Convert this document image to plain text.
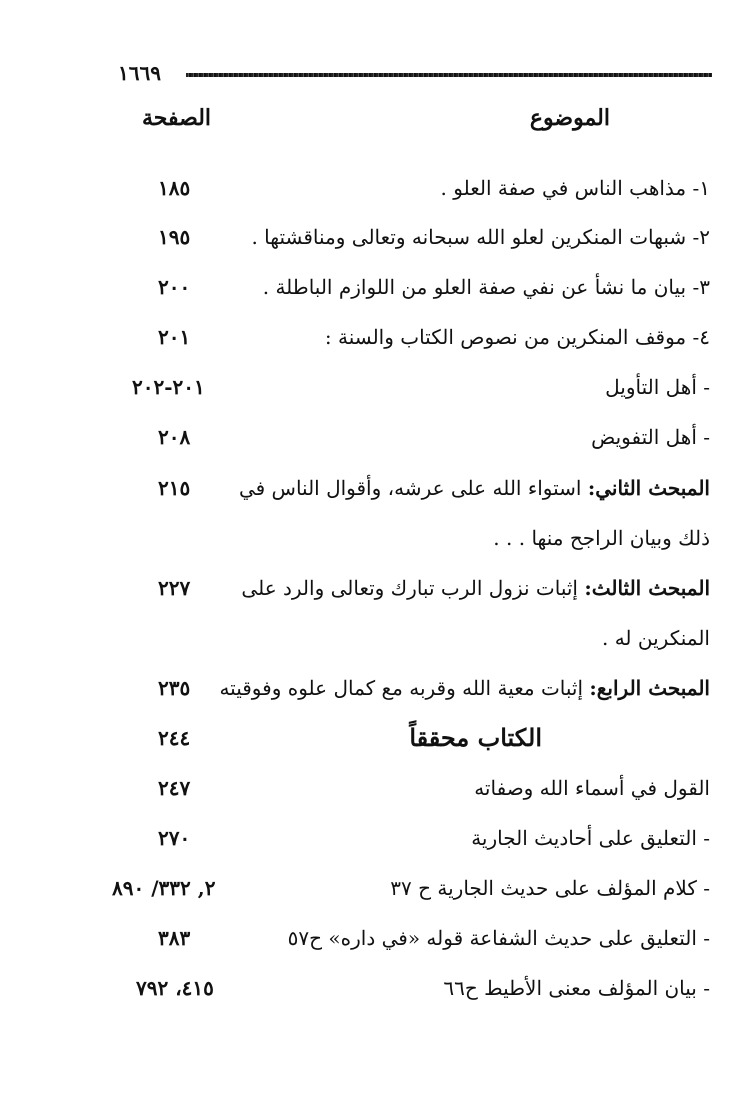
١٦٦٩
الموضوع
الصفحة
١- مذاهب الناس في صفة العلو .
١٨٥
٢- شبهات المنكرين لعلو الله سبحانه وتعالى ومناقشتها .
١٩٥
٣- بيان ما نشأ عن نفي صفة العلو من اللوازم الباطلة .
٢٠٠
٤- موقف المنكرين من نصوص الكتاب والسنة :
٢٠١
- أهل التأويل
٢٠١-٢٠٢
- أهل التفويض
٢٠٨
المبحث الثاني: استواء الله على عرشه، وأقوال الناس في
٢١٥
ذلك وبيان الراجح منها . . .
المبحث الثالث: إثبات نزول الرب تبارك وتعالى والرد على
٢٢٧
المنكرين له .
المبحث الرابع: إثبات معية الله وقربه مع كمال علوه وفوقيته
٢٣٥
الكتاب محققاً
٢٤٤
القول في أسماء الله وصفاته
٢٤٧
- التعليق على أحاديث الجارية
٢٧٠
- كلام المؤلف على حديث الجارية ح ٣٧
٢, ٣٣٢/ ٨٩٠
- التعليق على حديث الشفاعة قوله «في داره» ح٥٧
٣٨٣
- بيان المؤلف معنى الأطيط ح٦٦
٤١٥، ٧٩٢
